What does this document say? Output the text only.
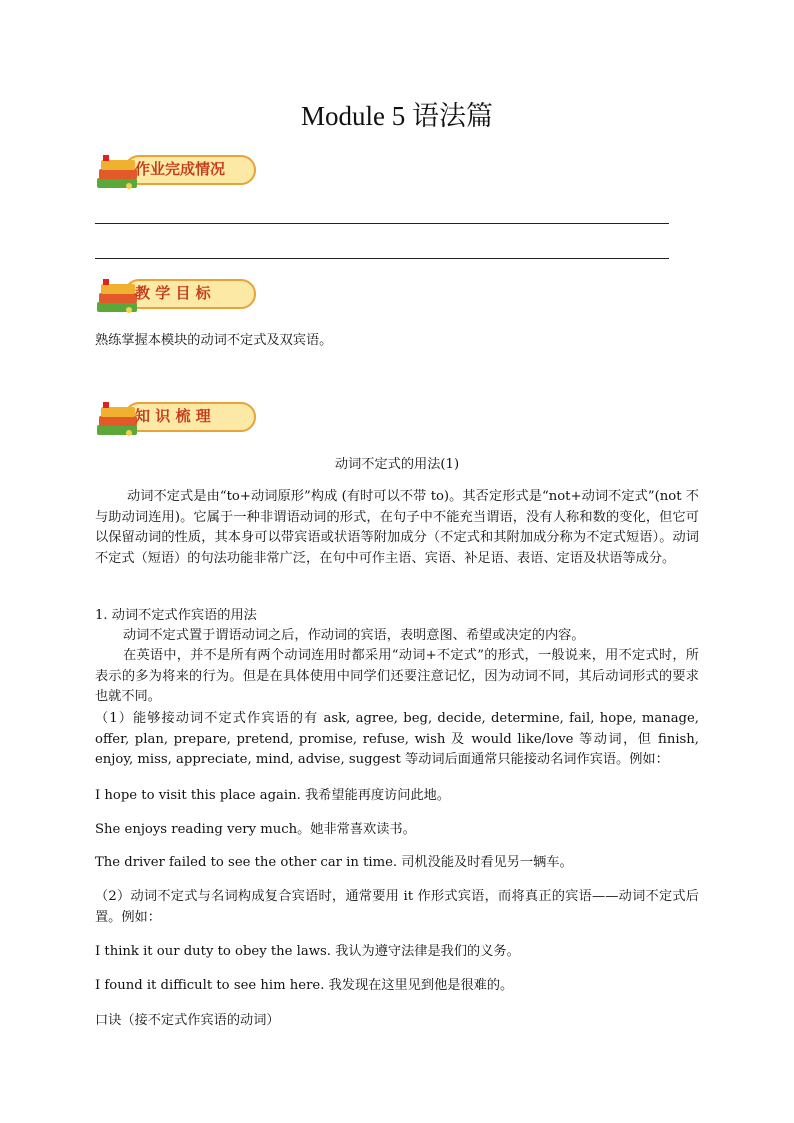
Module 5 语法篇
作业完成情况
教 学 目 标
熟练掌握本模块的动词不定式及双宾语。
知 识 梳 理
动词不定式的用法(1)
动词不定式是由“to+动词原形”构成 (有时可以不带 to)。其否定形式是“not+动词不定式”(not 不与助动词连用)。它属于一种非谓语动词的形式，在句子中不能充当谓语，没有人称和数的变化，但它可以保留动词的性质，其本身可以带宾语或状语等附加成分（不定式和其附加成分称为不定式短语）。动词不定式（短语）的句法功能非常广泛，在句中可作主语、宾语、补足语、表语、定语及状语等成分。
1. 动词不定式作宾语的用法
动词不定式置于谓语动词之后，作动词的宾语，表明意图、希望或决定的内容。
在英语中，并不是所有两个动词连用时都采用“动词+不定式”的形式，一般说来，用不定式时，所表示的多为将来的行为。但是在具体使用中同学们还要注意记忆，因为动词不同，其后动词形式的要求也就不同。
（1）能够接动词不定式作宾语的有 ask, agree, beg, decide, determine, fail, hope, manage, offer, plan, prepare, pretend, promise, refuse, wish 及 would like/love 等动词，但 finish, enjoy, miss, appreciate, mind, advise, suggest 等动词后面通常只能接动名词作宾语。例如：
I hope to visit this place again. 我希望能再度访问此地。
She enjoys reading very much。她非常喜欢读书。
The driver failed to see the other car in time. 司机没能及时看见另一辆车。
（2）动词不定式与名词构成复合宾语时，通常要用 it 作形式宾语，而将真正的宾语——动词不定式后置。例如：
I think it our duty to obey the laws. 我认为遵守法律是我们的义务。
I found it difficult to see him here. 我发现在这里见到他是很难的。
口诀（接不定式作宾语的动词）
